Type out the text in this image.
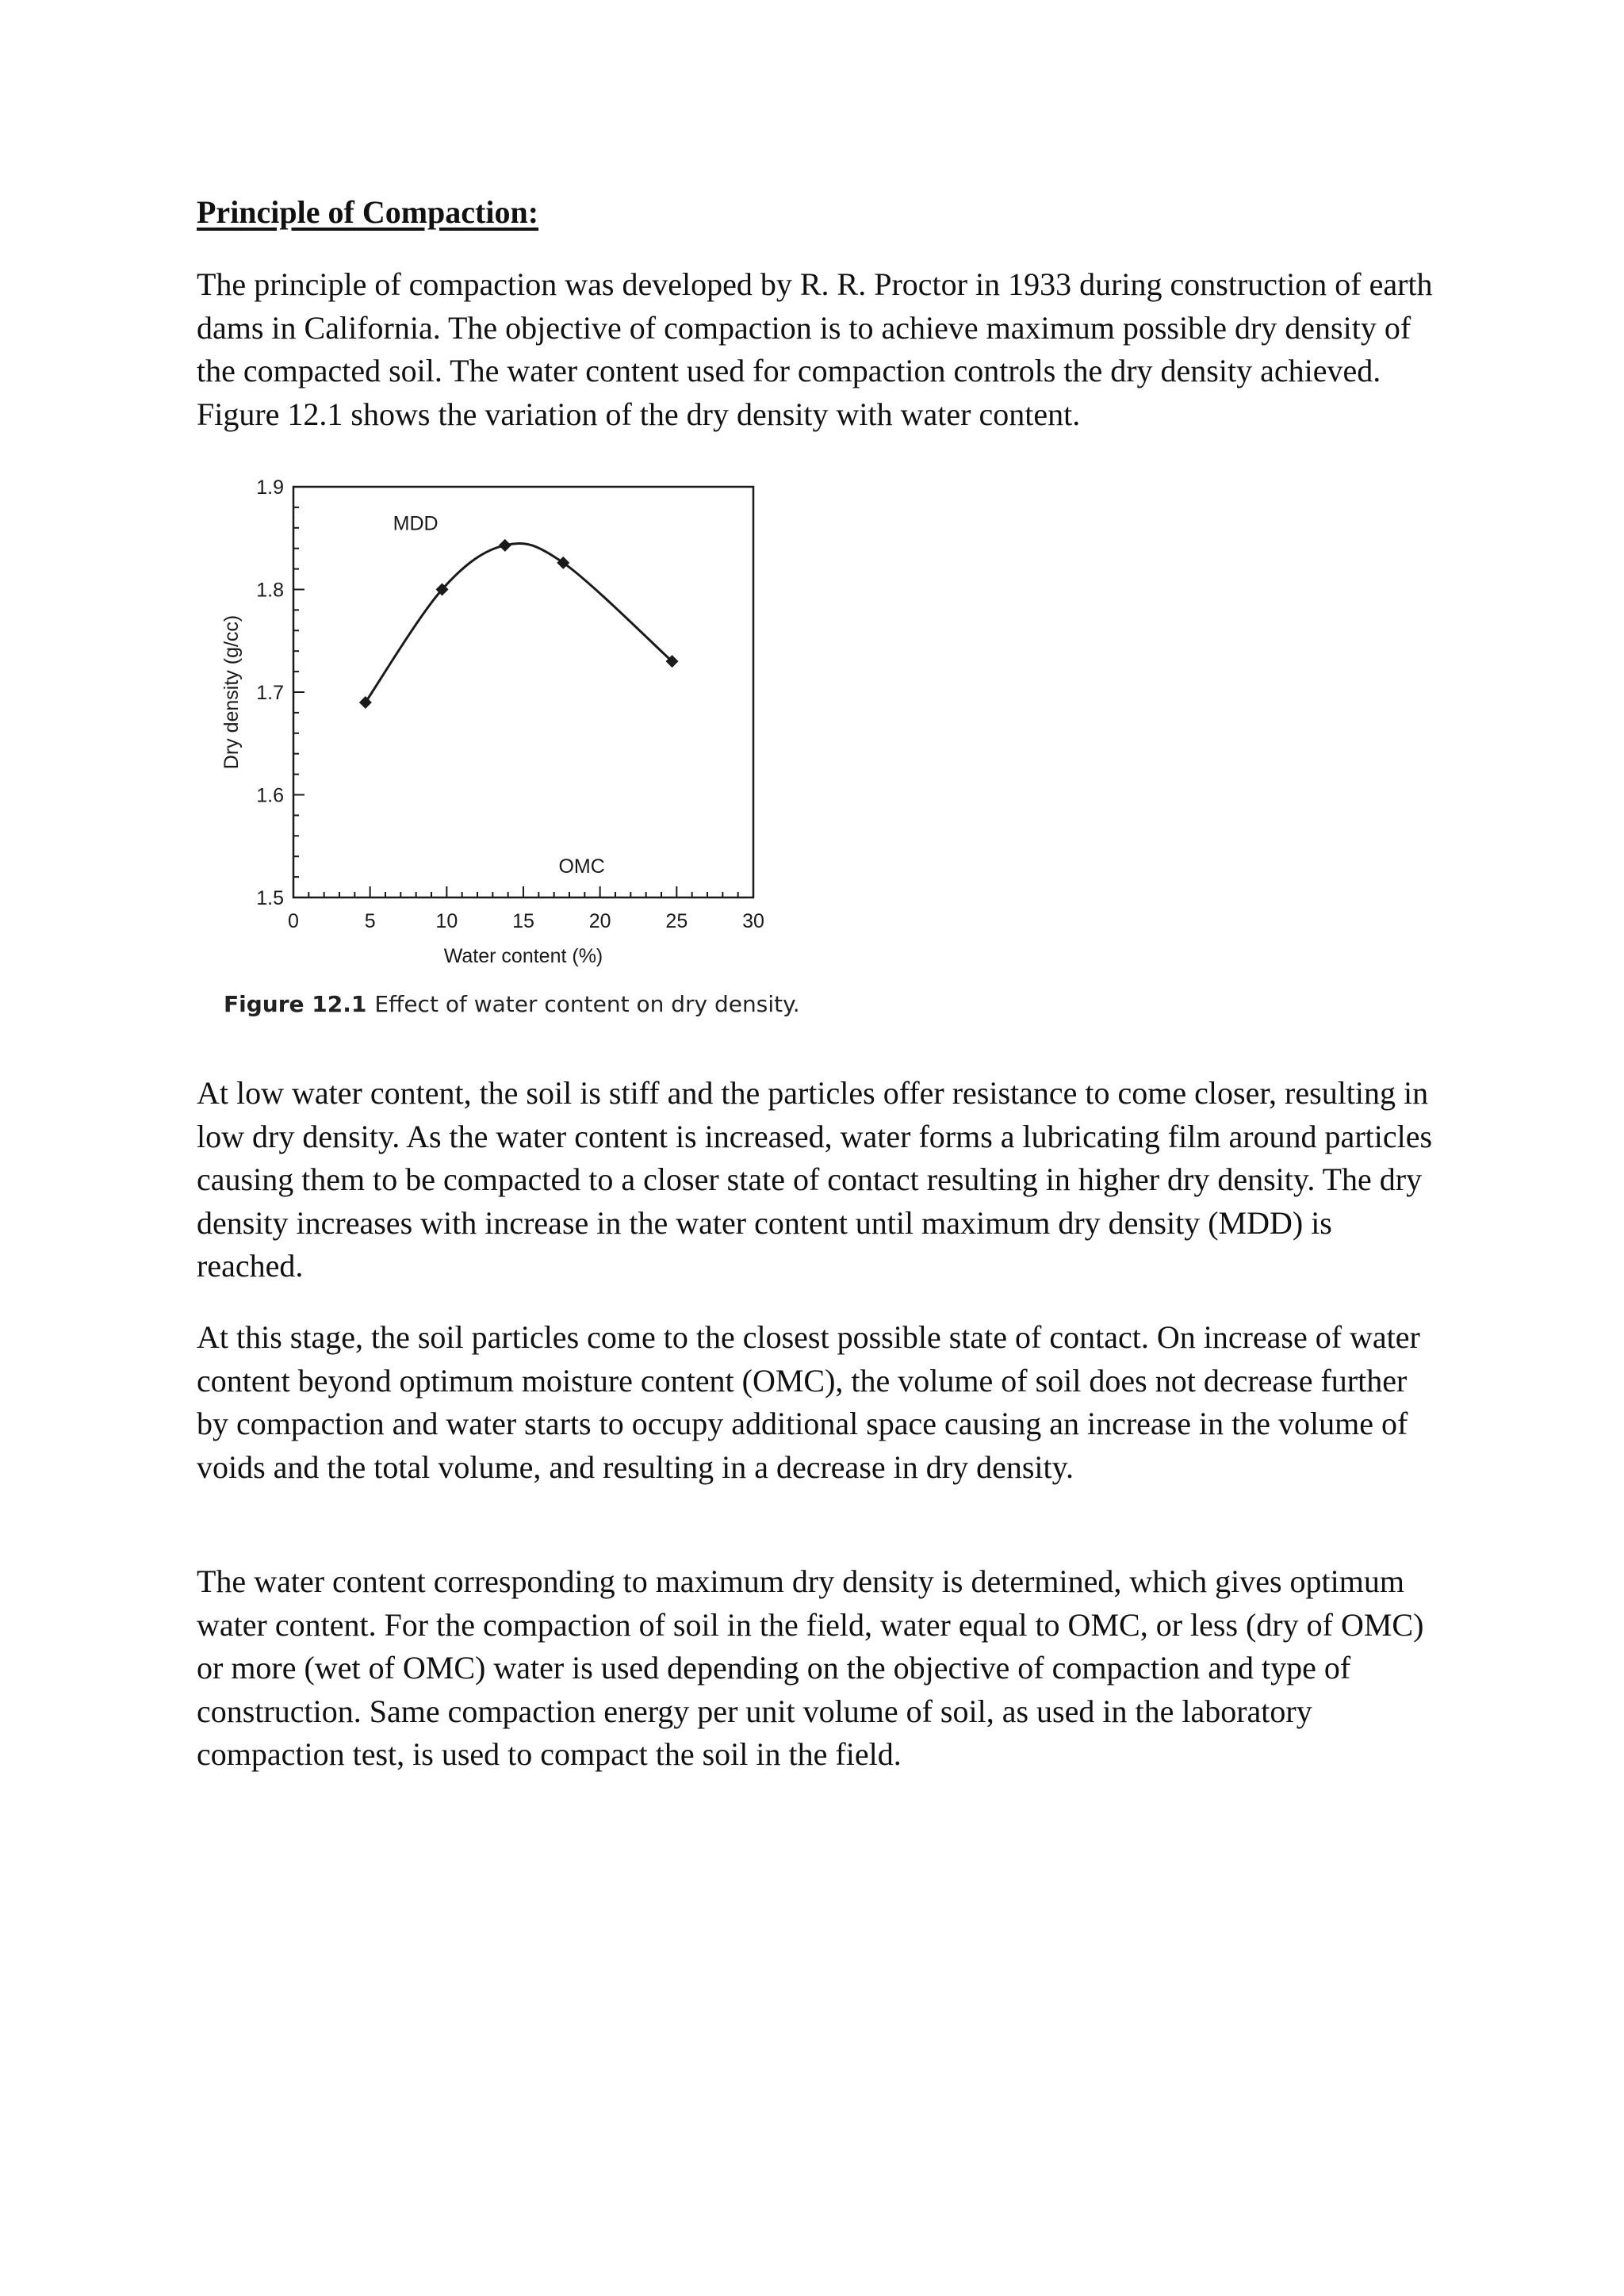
Principle of Compaction:

The principle of compaction was developed by R. R. Proctor in 1933 during construction of earth dams in California. The objective of compaction is to achieve maximum possible dry density of the compacted soil. The water content used for compaction controls the dry density achieved. Figure 12.1 shows the variation of the dry density with water content.

0	5	10	15	20	25	30
1.5
1.6
1.7
1.8
1.9
Water content (%)
Dry density (g/cc)
MDD
OMC

Figure 12.1 Effect of water content on dry density.

At low water content, the soil is stiff and the particles offer resistance to come closer, resulting in low dry density. As the water content is increased, water forms a lubricating film around particles causing them to be compacted to a closer state of contact resulting in higher dry density. The dry density increases with increase in the water content until maximum dry density (MDD) is reached.

At this stage, the soil particles come to the closest possible state of contact. On increase of water content beyond optimum moisture content (OMC), the volume of soil does not decrease further by compaction and water starts to occupy additional space causing an increase in the volume of voids and the total volume, and resulting in a decrease in dry density.

The water content corresponding to maximum dry density is determined, which gives optimum water content. For the compaction of soil in the field, water equal to OMC, or less (dry of OMC) or more (wet of OMC) water is used depending on the objective of compaction and type of construction. Same compaction energy per unit volume of soil, as used in the laboratory compaction test, is used to compact the soil in the field.
